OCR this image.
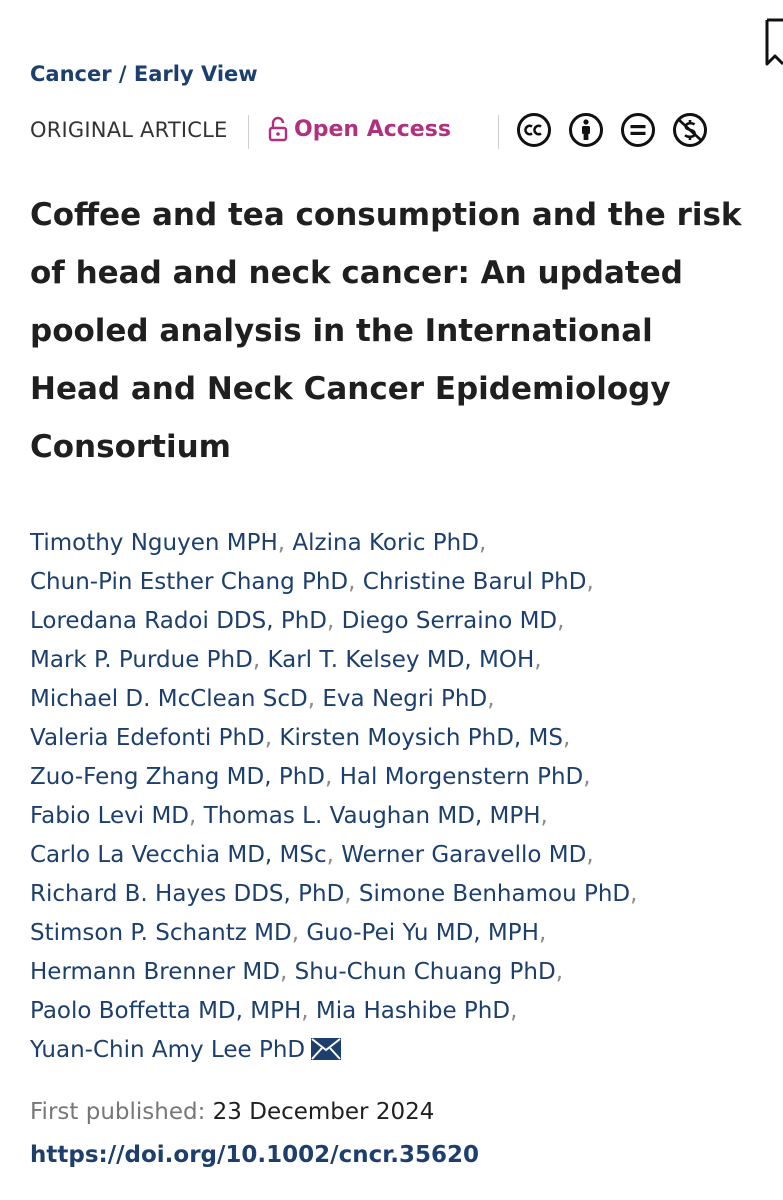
Cancer / Early View
ORIGINAL ARTICLE	Open Access
Coffee and tea consumption and the risk of head and neck cancer: An updated pooled analysis in the International Head and Neck Cancer Epidemiology Consortium
Timothy Nguyen MPH, Alzina Koric PhD,
Chun-Pin Esther Chang PhD, Christine Barul PhD,
Loredana Radoi DDS, PhD, Diego Serraino MD,
Mark P. Purdue PhD, Karl T. Kelsey MD, MOH,
Michael D. McClean ScD, Eva Negri PhD,
Valeria Edefonti PhD, Kirsten Moysich PhD, MS,
Zuo-Feng Zhang MD, PhD, Hal Morgenstern PhD,
Fabio Levi MD, Thomas L. Vaughan MD, MPH,
Carlo La Vecchia MD, MSc, Werner Garavello MD,
Richard B. Hayes DDS, PhD, Simone Benhamou PhD,
Stimson P. Schantz MD, Guo-Pei Yu MD, MPH,
Hermann Brenner MD, Shu-Chun Chuang PhD,
Paolo Boffetta MD, MPH, Mia Hashibe PhD,
Yuan-Chin Amy Lee PhD
First published: 23 December 2024
https://doi.org/10.1002/cncr.35620
